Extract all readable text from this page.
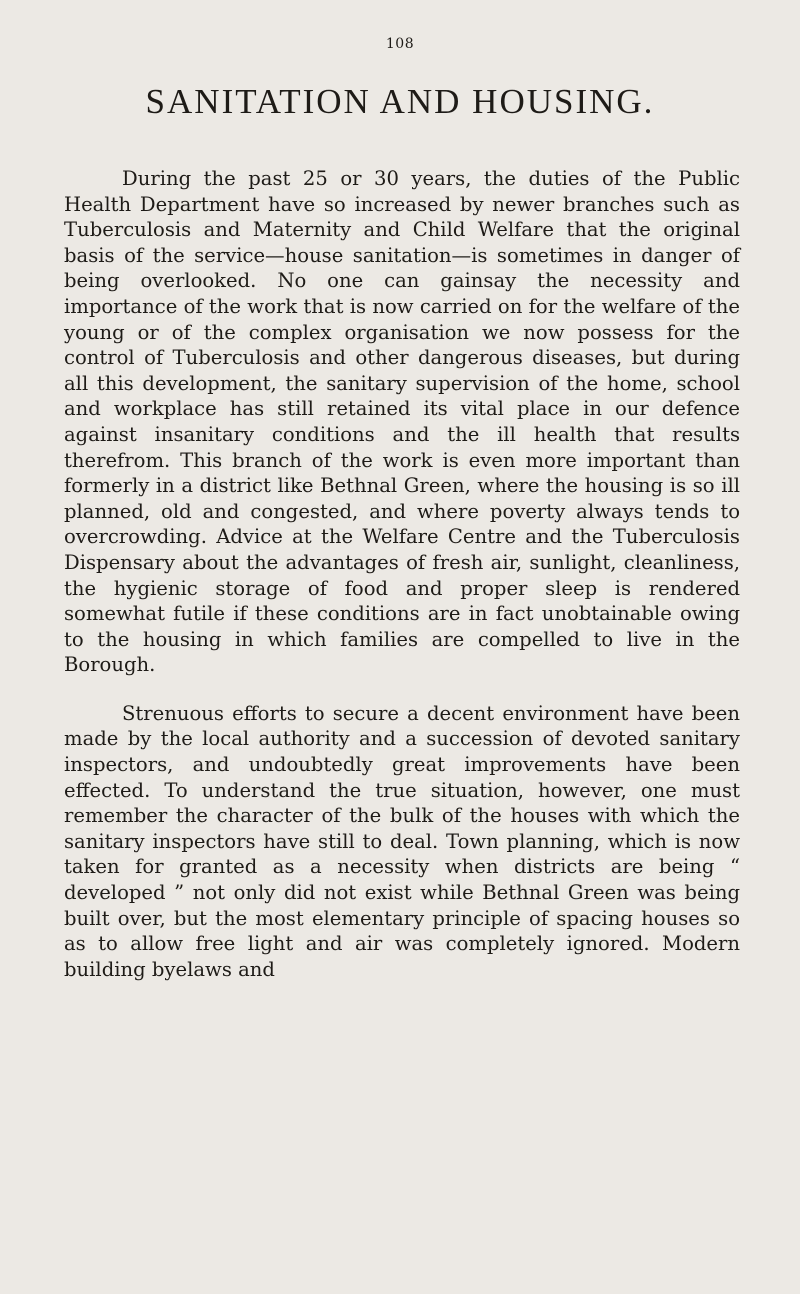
108
SANITATION AND HOUSING.

During the past 25 or 30 years, the duties of the Public Health Department have so increased by newer branches such as Tuberculosis and Maternity and Child Welfare that the original basis of the service—house sanitation—is sometimes in danger of being overlooked. No one can gainsay the necessity and importance of the work that is now carried on for the welfare of the young or of the complex organisation we now possess for the control of Tuberculosis and other dangerous diseases, but during all this development, the sanitary supervision of the home, school and workplace has still retained its vital place in our defence against insanitary conditions and the ill health that results therefrom. This branch of the work is even more important than formerly in a district like Bethnal Green, where the housing is so ill planned, old and congested, and where poverty always tends to overcrowding. Advice at the Welfare Centre and the Tuberculosis Dispensary about the advantages of fresh air, sunlight, cleanliness, the hygienic storage of food and proper sleep is rendered somewhat futile if these conditions are in fact unobtainable owing to the housing in which families are compelled to live in the Borough.

Strenuous efforts to secure a decent environment have been made by the local authority and a succession of devoted sanitary inspectors, and undoubtedly great improvements have been effected. To understand the true situation, however, one must remember the character of the bulk of the houses with which the sanitary inspectors have still to deal. Town planning, which is now taken for granted as a necessity when districts are being “ developed ” not only did not exist while Bethnal Green was being built over, but the most elementary principle of spacing houses so as to allow free light and air was completely ignored. Modern building byelaws and
